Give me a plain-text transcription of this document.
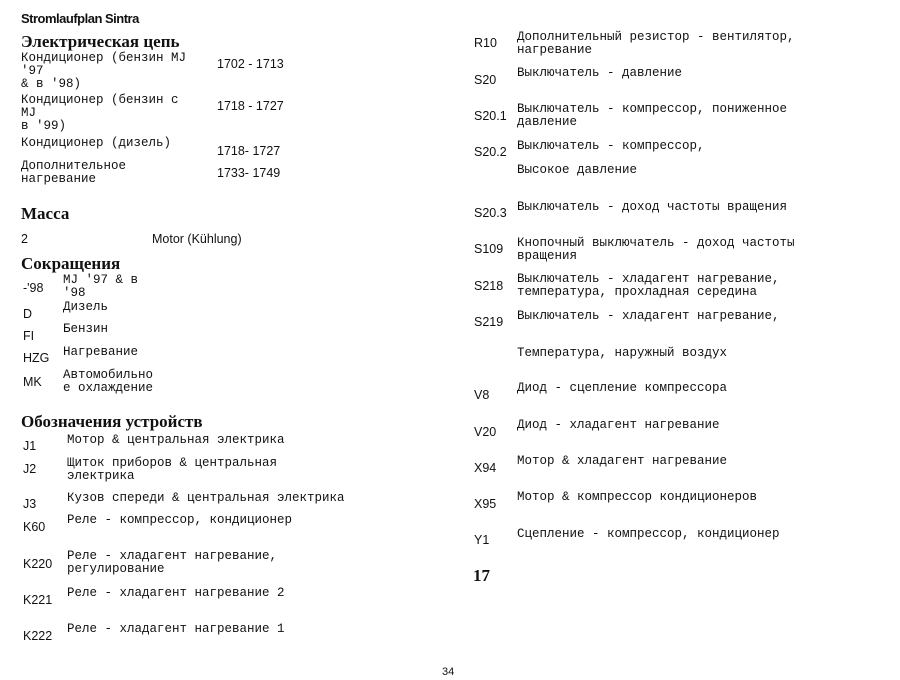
Stromlaufplan Sintra
Электрическая цепь
Кондиционер (бензин MJ
'97
& в '98)
1702 - 1713
Кондиционер (бензин с
MJ
в '99)
1718 - 1727
Кондиционер (дизель)
1718- 1727
Дополнительное
нагревание	1733- 1749
Масса
2	Motor (Kühlung)
Сокращения
-'98
MJ '97 & в
'98
D Дизель
FI Бензин
HZG Нагревание
MK Автомобильно
е охлаждение
Обозначения устройств
J1 Мотор & центральная электрика
J2 Щиток приборов & центральная
электрика
J3 Кузов спереди & центральная электрика
K60 Реле - компрессор, кондиционер
K220
Реле - хладагент нагревание,
регулирование
K221 Реле - хладагент нагревание 2
K222 Реле - хладагент нагревание 1
R10 Дополнительный резистор - вентилятор,
нагревание
S20 Выключатель - давление
S20.1 Выключатель - компрессор, пониженное
давление
S20.2 Выключатель - компрессор,
Высокое давление
S20.3 Выключатель - доход частоты вращения
S109 Кнопочный выключатель - доход частоты
вращения
S218 Выключатель - хладагент нагревание,
температура, прохладная середина
S219 Выключатель - хладагент нагревание,
Температура, наружный воздух
V8 Диод - сцепление компрессора
V20 Диод - хладагент нагревание
X94 Мотор & хладагент нагревание
X95 Мотор & компрессор кондиционеров
Y1 Сцепление - компрессор, кондиционер
17
34
